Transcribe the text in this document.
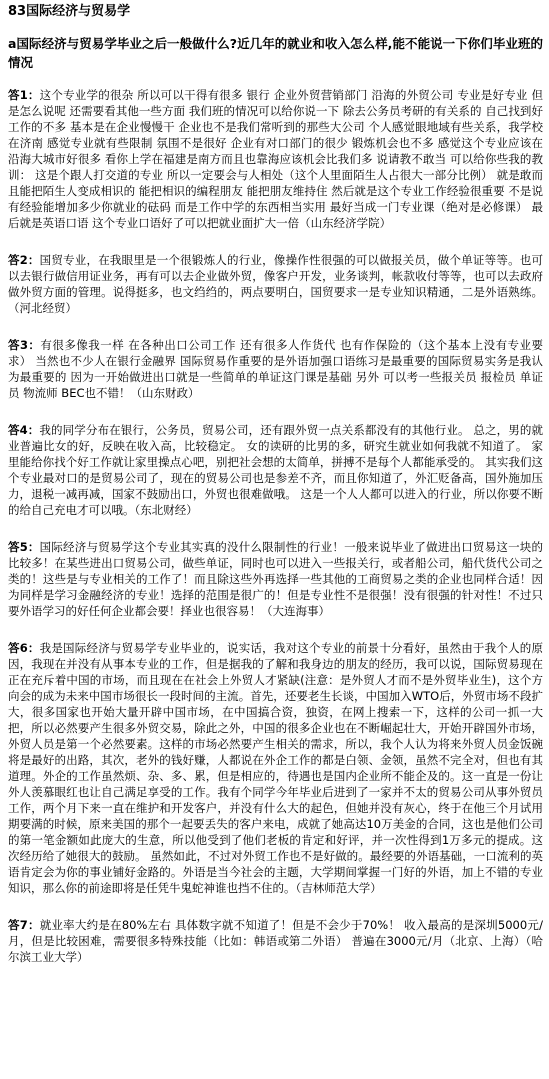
83国际经济与贸易学
a国际经济与贸易学毕业之后一般做什么?近几年的就业和收入怎么样,能不能说一下你们毕业班的情况
答1：这个专业学的很杂 所以可以干得有很多 银行 企业外贸营销部门 沿海的外贸公司 专业是好专业 但是怎么说呢 还需要看其他一些方面 我们班的情况可以给你说一下 除去公务员考研的有关系的 自己找到好工作的不多 基本是在企业慢慢干 企业也不是我们常听到的那些大公司 个人感觉眼地域有些关系，我学校在济南 感觉专业就有些限制 氛围不是很好 企业有对口部门的很少 锻炼机会也不多 感觉这个专业应该在沿海大城市好很多 看你上学在福建是南方而且也靠海应该机会比我们多 说请教不敢当 可以给你些我的教训： 这是个跟人打交道的专业 所以一定要会与人相处（这个人里面陌生人占很大一部分比例） 就是敢而且能把陌生人变成相识的 能把相识的编程朋友 能把朋友维持住 然后就是这个专业工作经验很重要 不是说有经验能增加多少你就业的砝码 而是工作中学的东西相当实用 最好当成一门专业课（绝对是必修课） 最后就是英语口语 这个专业口语好了可以把就业面扩大一倍（山东经济学院）
答2：国贸专业，在我眼里是一个很锻炼人的行业，像操作性很强的可以做报关员，做个单证等等。也可以去银行做信用证业务，再有可以去企业做外贸，像客户开发，业务谈判，帐款收付等等，也可以去政府做外贸方面的管理。说得挺多，也文绉绉的，两点要明白，国贸要求一是专业知识精通，二是外语熟练。（河北经贸）
答3：有很多像我一样 在各种出口公司工作 还有很多人作货代 也有作保险的（这个基本上没有专业要求） 当然也不少人在银行金融界 国际贸易作重要的是外语加强口语练习是最重要的国际贸易实务是我认为最重要的 因为一开始做进出口就是一些简单的单证这门课是基础 另外 可以考一些报关员 报检员 单证员 物流师 BEC也不错！（山东财政）
答4：我的同学分布在银行，公务员，贸易公司，还有跟外贸一点关系都没有的其他行业。 总之，男的就业普遍比女的好，反映在收入高，比较稳定。 女的读研的比男的多，研究生就业如何我就不知道了。 家里能给你找个好工作就让家里操点心吧，别把社会想的太简单，拼搏不是每个人都能承受的。 其实我们这个专业最对口的是贸易公司了，现在的贸易公司也是参差不齐，而且你知道了，外汇贬备高，国外施加压力，退税一减再减，国家不鼓励出口，外贸也很难做哦。 这是一个人人都可以进入的行业，所以你要不断的给自己充电才可以哦。（东北财经）
答5：国际经济与贸易学这个专业其实真的没什么限制性的行业！一般来说毕业了做进出口贸易这一块的比较多！在某些进出口贸易公司，做些单证，同时也可以进入一些报关行，或者船公司，船代货代公司之类的！这些是与专业相关的工作了！而且除这些外再选择一些其他的工商贸易之类的企业也同样合适！因为同样是学习金融经济的专业！选择的范围是很广的！但是专业性不是很强！没有很强的针对性！不过只要外语学习的好任何企业都会要！择业也很容易！（大连海事）
答6：我是国际经济与贸易学专业毕业的，说实话，我对这个专业的前景十分看好，虽然由于我个人的原因，我现在并没有从事本专业的工作，但是据我的了解和我身边的朋友的经历，我可以说，国际贸易现在正在充斥着中国的市场，而且现在在社会上外贸人才紧缺(注意：是外贸人才而不是外贸毕业生)，这个方向会的成为未来中国市场很长一段时间的主流。首先，还要老生长谈，中国加入WTO后，外贸市场不段扩大，很多国家也开始大量开辟中国市场，在中国搞合资，独资，在网上搜索一下，这样的公司一抓一大把，所以必然要产生很多外贸交易，除此之外，中国的很多企业也在不断崛起壮大，开始开辟国外市场，外贸人员是第一个必然要素。这样的市场必然要产生相关的需求，所以，我个人认为将来外贸人员金饭碗将是最好的出路，其次，老外的钱好赚，人都说在外企工作的都是白领、金领，虽然不完全对，但也有其道理。外企的工作虽然烦、杂、多、累，但是相应的，待遇也是国内企业所不能企及的。这一直是一份让外人羡慕眼红也让自己满足享受的工作。我有个同学今年毕业后进到了一家并不太的贸易公司从事外贸员工作，两个月下来一直在维护和开发客户，并没有什么大的起色，但她并没有灰心，终于在他三个月试用期要满的时候，原来美国的那个一起要丢失的客户来电，成就了她高达10万美金的合同，这也是他们公司的第一笔金额如此庞大的生意，所以他受到了他们老板的肯定和好评，并一次性得到1万多元的提成。这次经历给了她很大的鼓励。 虽然如此，不过对外贸工作也不是好做的。最经要的外语基础，一口流利的英语肯定会为你的事业铺好金路的。外语是当今社会的主题，大学期间掌握一门好的外语，加上不错的专业知识，那么你的前途即将是任凭牛鬼蛇神谁也挡不住的。（吉林师范大学）
答7：就业率大约是在80%左右 具体数字就不知道了！但是不会少于70%！ 收入最高的是深圳5000元/月，但是比较困难，需要很多特殊技能（比如：韩语或第二外语） 普遍在3000元/月（北京、上海）（哈尔滨工业大学）
